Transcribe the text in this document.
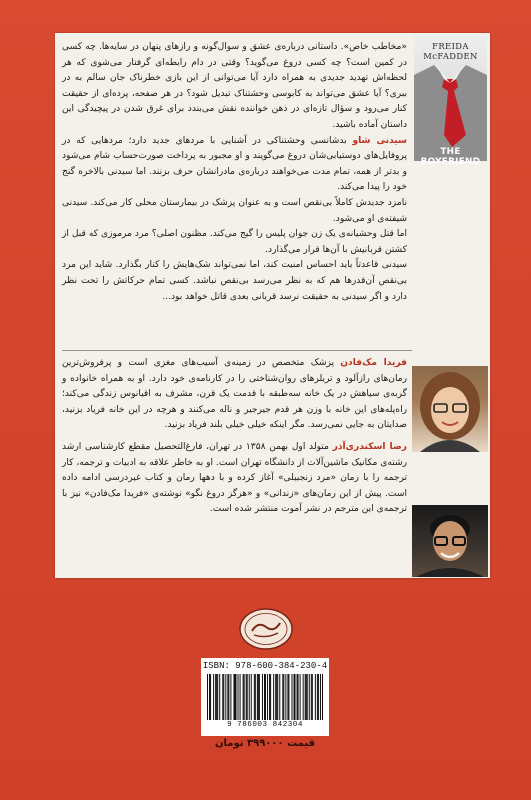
FREIDA McFADDEN
THE BOYFRIEND
«مخاطب خاص». داستانی درباره‌ی عشق و سوال‌گونه و رازهای پنهان در سایه‌ها. چه کسی در کمین است؟ چه کسی دروغ می‌گوید؟ وقتی در دام رابطه‌ای گرفتار می‌شوی که هر لحظه‌اش تهدید جدیدی به همراه دارد آیا می‌توانی از این بازی خطرناک جان سالم به در ببری؟ آیا عشق می‌تواند به کابوسی وحشتناک تبدیل شود؟ در هر صفحه، پرده‌ای از حقیقت کنار می‌رود و سؤال تازه‌ای در ذهن خواننده نقش می‌بندد برای غرق شدن در پیچیدگی این داستان آماده باشید.
سیدنی شاو بدشانسی وحشتناکی در آشنایی با مردهای جدید دارد؛ مردهایی که در پروفایل‌های دوستیابی‌شان دروغ می‌گویند و او مجبور به پرداخت صورت‌حساب شام می‌شود و بدتر از همه، تمام مدت می‌خواهند درباره‌ی مادرانشان حرف بزنند. اما سیدنی بالاخره گنج خود را پیدا می‌کند.
نامزد جدیدش کاملاً بی‌نقص است و به عنوان پزشک در بیمارستان محلی کار می‌کند. سیدنی شیفته‌ی او می‌شود.
اما قتل وحشیانه‌ی یک زن جوان پلیس را گیج می‌کند. مظنون اصلی؟ مرد مرموزی که قبل از کشتن قربانیش با آن‌ها قرار می‌گذارد.
سیدنی قاعدتاً باید احساس امنیت کند، اما نمی‌تواند شک‌هایش را کنار بگذارد. شاید این مرد بی‌نقص آن‌قدرها هم که به نظر می‌رسد بی‌نقص نباشد. کسی تمام حرکاتش را تحت نظر دارد و اگر سیدنی به حقیقت نرسد قربانی بعدی قاتل خواهد بود...

فریدا مک‌فادن پزشک متخصص در زمینه‌ی آسیب‌های مغزی است و پرفروش‌ترین رمان‌های رازآلود و تریلرهای روان‌شناختی را در کارنامه‌ی خود دارد. او به همراه خانواده و گربه‌ی سیاهش در یک خانه سه‌طبقه با قدمت یک قرن، مشرف به اقیانوس زندگی می‌کند؛ راه‌پله‌های این خانه با وزن هر قدم جیرجیر و ناله می‌کنند و هرچه در این خانه فریاد بزنید، صدایتان به جایی نمی‌رسد. مگر اینکه خیلی خیلی بلند فریاد بزنید.

رضا اسکندری‌آذر متولد اول بهمن ۱۳۵۸ در تهران، فارغ‌التحصیل مقطع کارشناسی ارشد رشته‌ی مکانیک ماشین‌آلات از دانشگاه تهران است. او به خاطر علاقه به ادبیات و ترجمه، کار ترجمه را با رمان «مرد زنجبیلی» آغاز کرده و با دهها رمان و کتاب غیردرسی ادامه داده است. پیش از این رمان‌های «زندانی» و «هرگز دروغ نگو» نوشته‌ی «فریدا مک‌فادن» نیز با ترجمه‌ی این مترجم در نشر آموت منتشر شده است.

ISBN: 978-600-384-230-4
9 786003 842304
قیمت ۳۹۹۰۰۰ تومان
